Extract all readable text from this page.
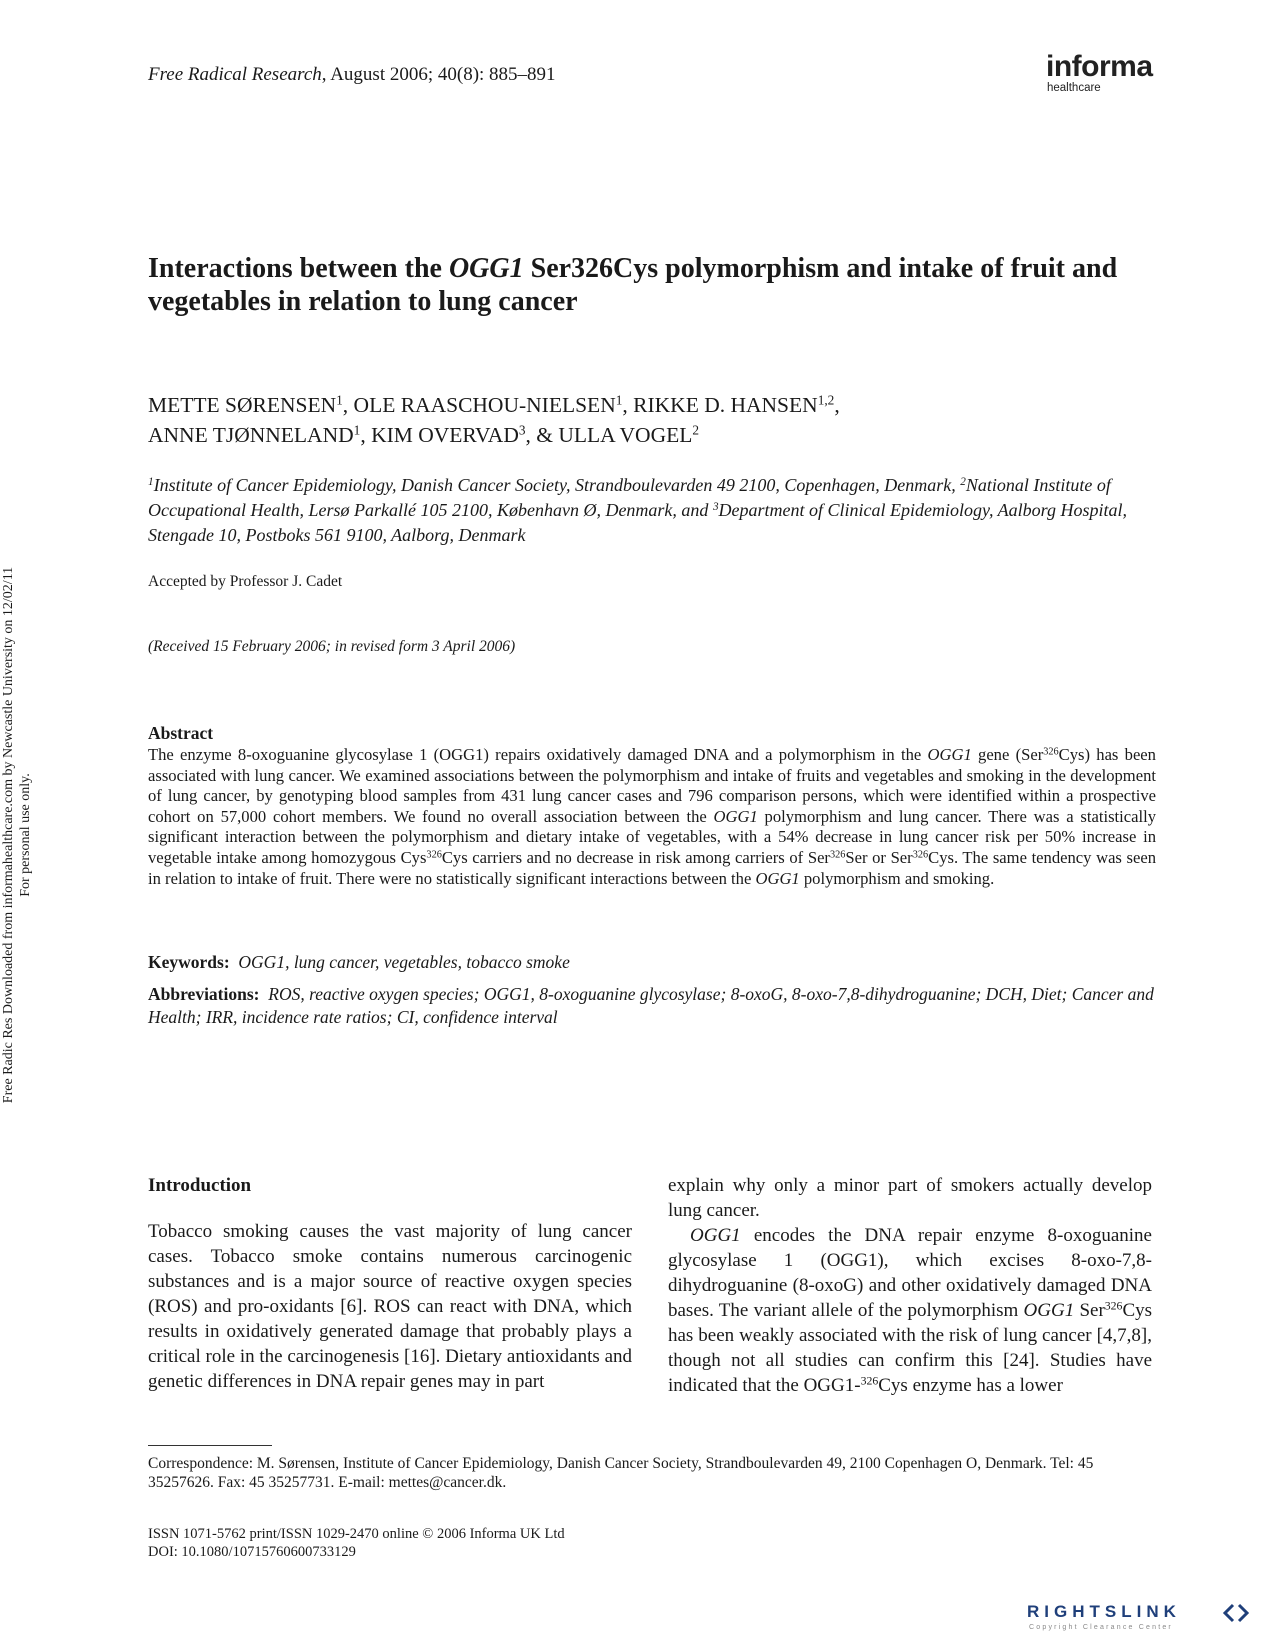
Free Radical Research, August 2006; 40(8): 885–891	informa
healthcare
Interactions between the OGG1 Ser326Cys polymorphism and intake of fruit and vegetables in relation to lung cancer
METTE SØRENSEN$^1$, OLE RAASCHOU-NIELSEN$^1$, RIKKE D. HANSEN$^{1,2}$,
ANNE TJØNNELAND$^1$, KIM OVERVAD$^3$, & ULLA VOGEL$^2$
$^1$Institute of Cancer Epidemiology, Danish Cancer Society, Strandboulevarden 49 2100, Copenhagen, Denmark, $^2$National Institute of Occupational Health, Lersø Parkallé 105 2100, København Ø, Denmark, and $^3$Department of Clinical Epidemiology, Aalborg Hospital, Stengade 10, Postboks 561 9100, Aalborg, Denmark
Accepted by Professor J. Cadet
(Received 15 February 2006; in revised form 3 April 2006)
Abstract
The enzyme 8-oxoguanine glycosylase 1 (OGG1) repairs oxidatively damaged DNA and a polymorphism in the OGG1 gene (Ser$^{326}$Cys) has been associated with lung cancer. We examined associations between the polymorphism and intake of fruits and vegetables and smoking in the development of lung cancer, by genotyping blood samples from 431 lung cancer cases and 796 comparison persons, which were identified within a prospective cohort on 57,000 cohort members. We found no overall association between the OGG1 polymorphism and lung cancer. There was a statistically significant interaction between the polymorphism and dietary intake of vegetables, with a 54% decrease in lung cancer risk per 50% increase in vegetable intake among homozygous Cys$^{326}$Cys carriers and no decrease in risk among carriers of Ser$^{326}$Ser or Ser$^{326}$Cys. The same tendency was seen in relation to intake of fruit. There were no statistically significant interactions between the OGG1 polymorphism and smoking.
Keywords: OGG1, lung cancer, vegetables, tobacco smoke
Abbreviations: ROS, reactive oxygen species; OGG1, 8-oxoguanine glycosylase; 8-oxoG, 8-oxo-7,8-dihydroguanine; DCH, Diet; Cancer and Health; IRR, incidence rate ratios; CI, confidence interval
Free Radic Res Downloaded from informahealthcare.com by Newcastle University on 12/02/11 For personal use only.
Introduction

Tobacco smoking causes the vast majority of lung cancer cases. Tobacco smoke contains numerous carcinogenic substances and is a major source of reactive oxygen species (ROS) and pro-oxidants [6]. ROS can react with DNA, which results in oxidatively generated damage that probably plays a critical role in the carcinogenesis [16]. Dietary antioxidants and genetic differences in DNA repair genes may in part

explain why only a minor part of smokers actually develop lung cancer.

OGG1 encodes the DNA repair enzyme 8-oxoguanine glycosylase 1 (OGG1), which excises 8-oxo-7,8-dihydroguanine (8-oxoG) and other oxidatively damaged DNA bases. The variant allele of the polymorphism OGG1 Ser$^{326}$Cys has been weakly associated with the risk of lung cancer [4,7,8], though not all studies can confirm this [24]. Studies have indicated that the OGG1-$^{326}$Cys enzyme has a lower

Correspondence: M. Sørensen, Institute of Cancer Epidemiology, Danish Cancer Society, Strandboulevarden 49, 2100 Copenhagen O, Denmark. Tel: 45 35257626. Fax: 45 35257731. E-mail: mettes@cancer.dk.
ISSN 1071-5762 print/ISSN 1029-2470 online © 2006 Informa UK Ltd
DOI: 10.1080/10715760600733129
RIGHTSLINK
Copyright Clearance Center
